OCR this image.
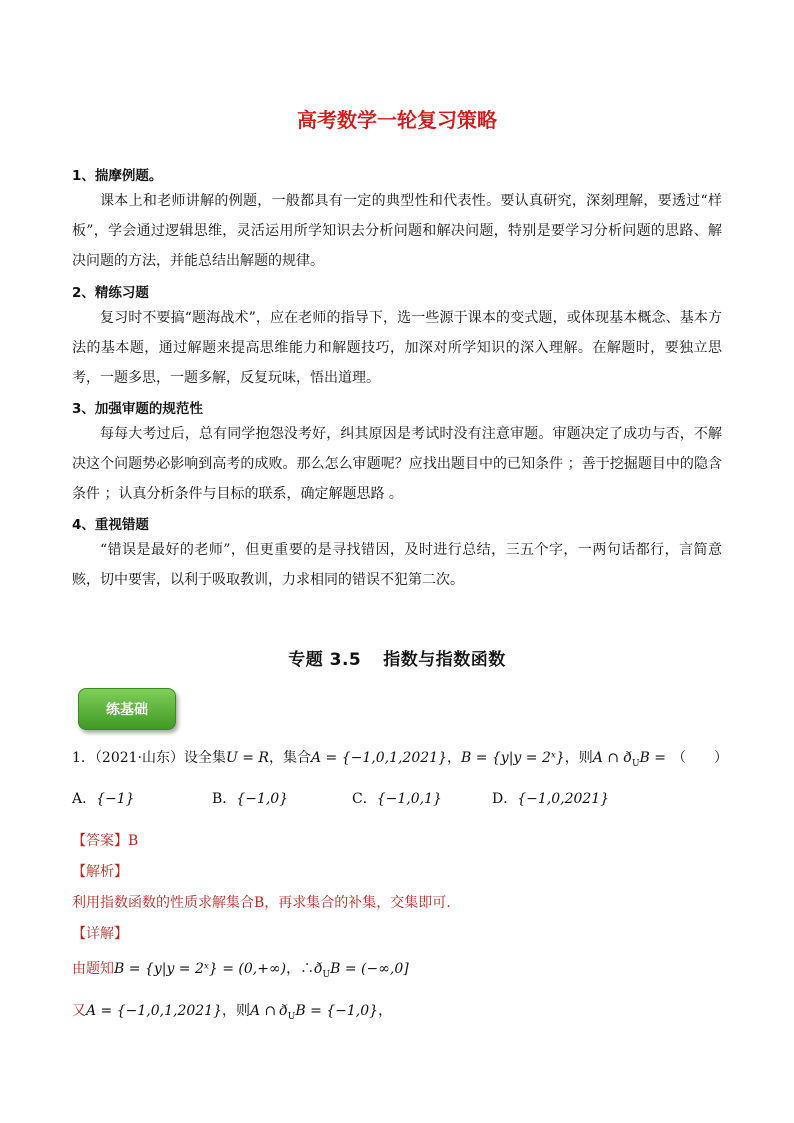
高考数学一轮复习策略
1、揣摩例题。
课本上和老师讲解的例题，一般都具有一定的典型性和代表性。要认真研究，深刻理解，要透过“样板”，学会通过逻辑思维，灵活运用所学知识去分析问题和解决问题，特别是要学习分析问题的思路、解决问题的方法，并能总结出解题的规律。
2、精练习题
复习时不要搞“题海战术”，应在老师的指导下，选一些源于课本的变式题，或体现基本概念、基本方法的基本题，通过解题来提高思维能力和解题技巧，加深对所学知识的深入理解。在解题时，要独立思考，一题多思，一题多解，反复玩味，悟出道理。
3、加强审题的规范性
每每大考过后，总有同学抱怨没考好，纠其原因是考试时没有注意审题。审题决定了成功与否，不解决这个问题势必影响到高考的成败。那么怎么审题呢？应找出题目中的已知条件 ；善于挖掘题目中的隐含条件 ；认真分析条件与目标的联系，确定解题思路 。
4、重视错题
“错误是最好的老师”，但更重要的是寻找错因，及时进行总结，三五个字，一两句话都行，言简意赅，切中要害，以利于吸取教训，力求相同的错误不犯第二次。
专题 3.5 指数与指数函数
练基础
1．（2021·山东）设全集U = R，集合A = {−1,0,1,2021}，B = {y|y = 2ˣ}，则A ∩ $ð_UB$ = （　　）
A．{−1}	B．{−1,0}	C．{−1,0,1}	D．{−1,0,2021}
【答案】B
【解析】
利用指数函数的性质求解集合B，再求集合的补集，交集即可.
【详解】
由题知B = {y|y = 2ˣ} = (0,+∞)，$\therefore ð_UB = (-\infty,0]$
又A = {−1,0,1,2021}，则A ∩ $ð_UB = \{-1,0\}$，
